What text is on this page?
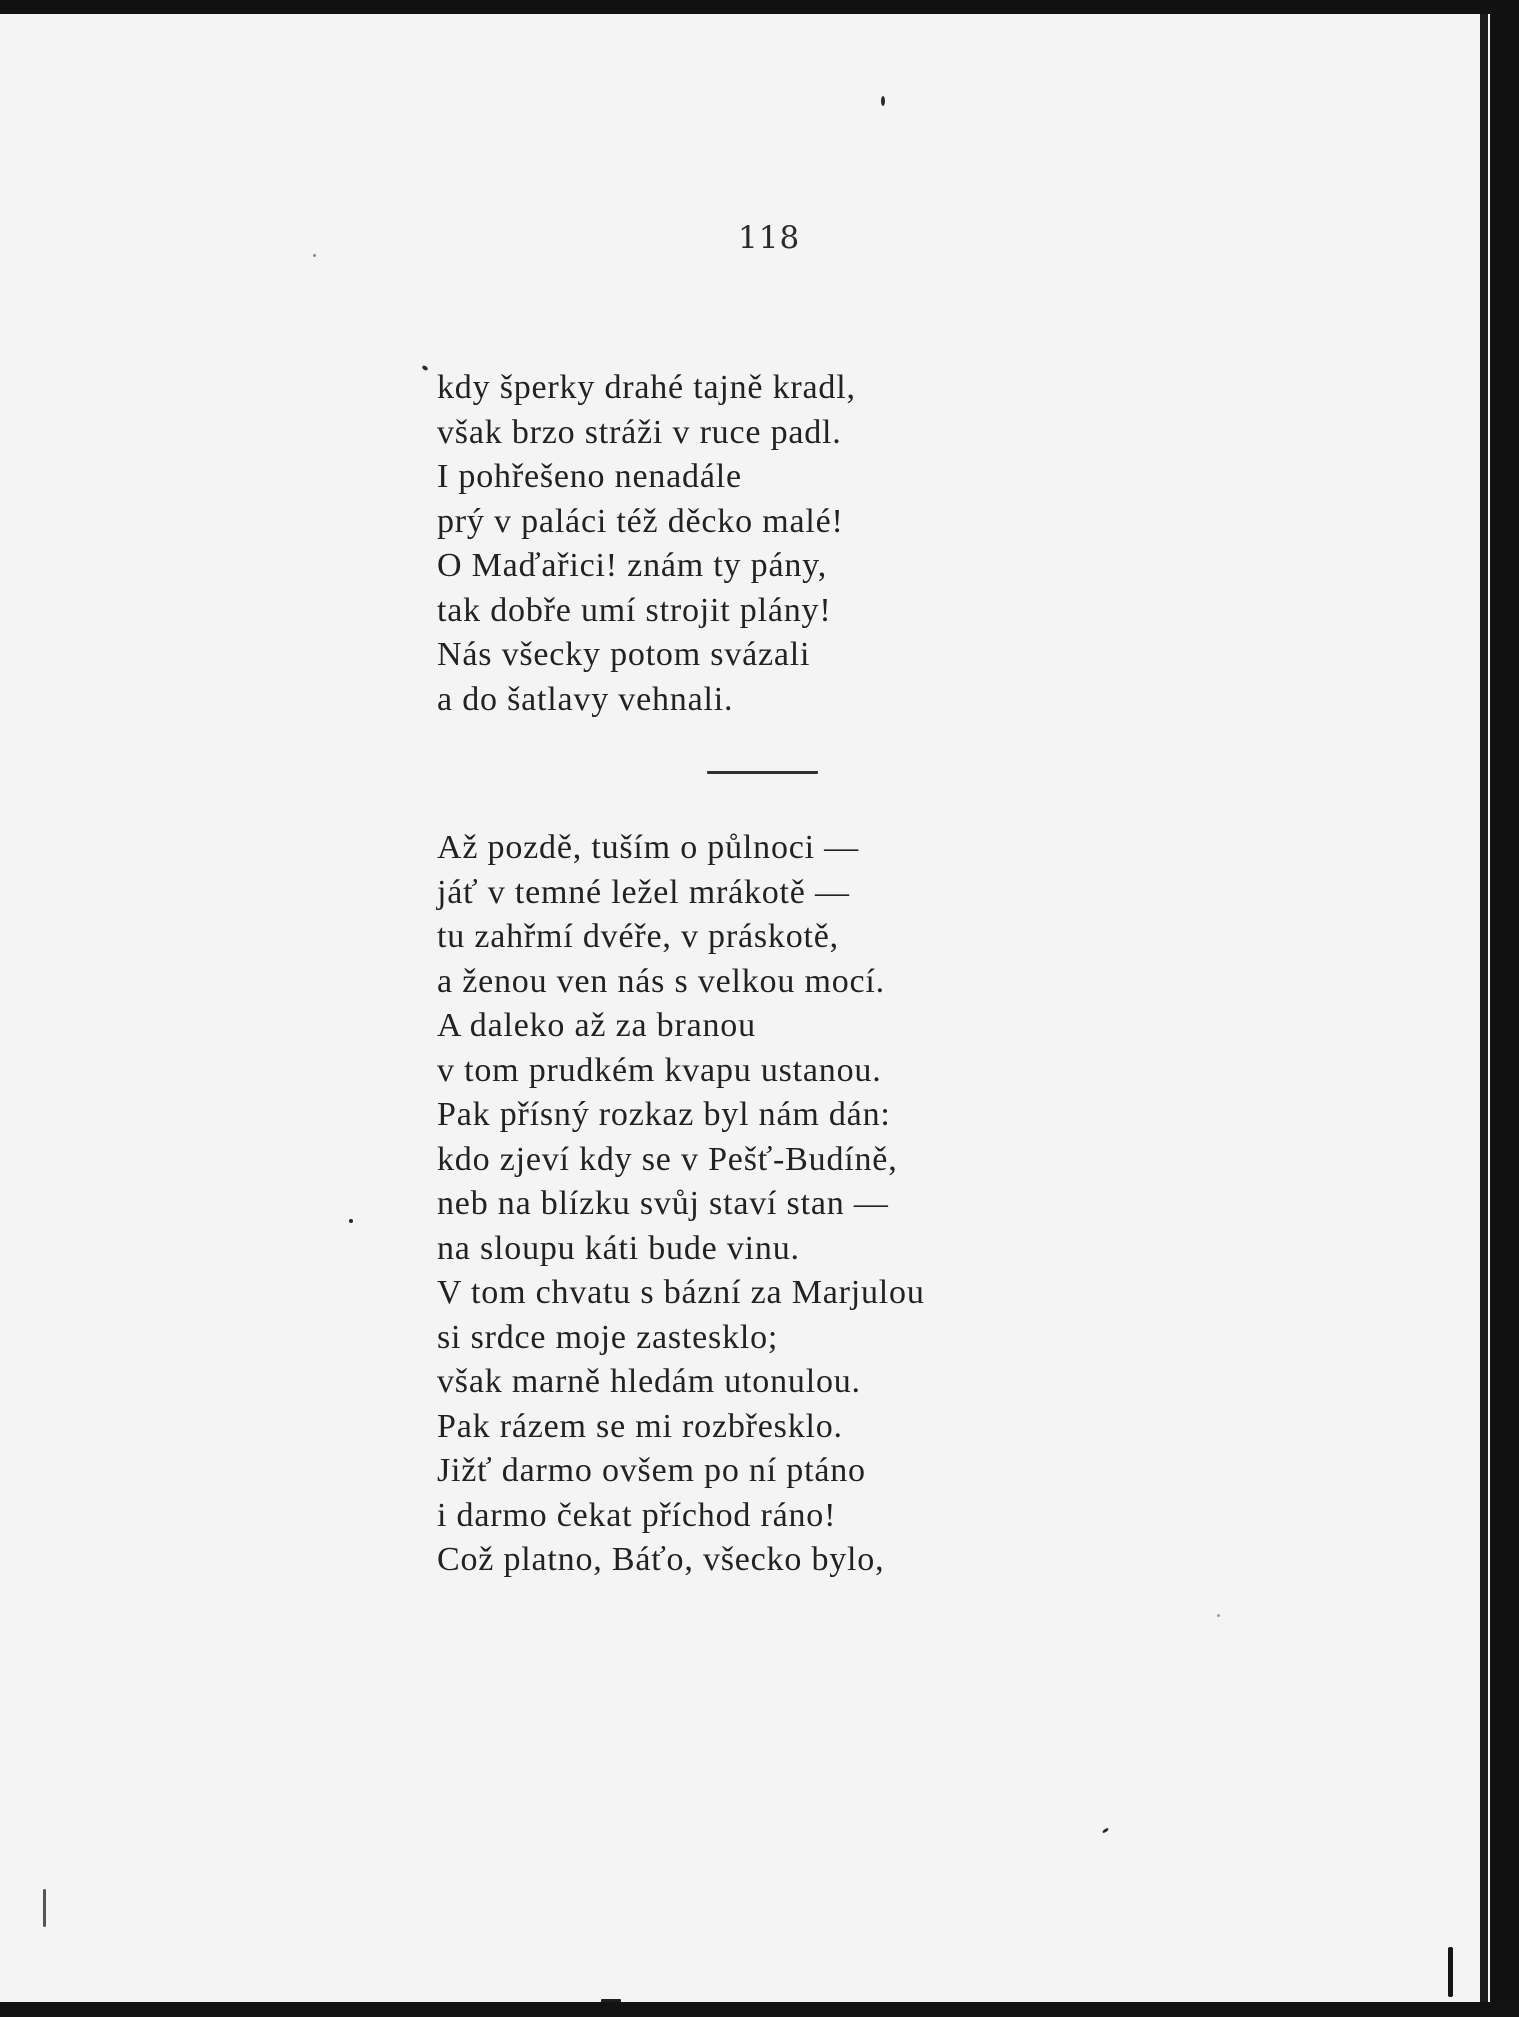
118

kdy šperky drahé tajně kradl,
však brzo stráži v ruce padl.
I pohřešeno nenadále
prý v paláci též děcko malé!
O Maďařici! znám ty pány,
tak dobře umí strojit plány!
Nás všecky potom svázali
a do šatlavy vehnali.
Až pozdě, tuším o půlnoci —
jáť v temné ležel mrákotě —
tu zahřmí dvéře, v práskotě,
a ženou ven nás s velkou mocí.
A daleko až za branou
v tom prudkém kvapu ustanou.
Pak přísný rozkaz byl nám dán:
kdo zjeví kdy se v Pešť-Budíně,
neb na blízku svůj staví stan —
na sloupu káti bude vinu.
V tom chvatu s bázní za Marjulou
si srdce moje zastesklo;
však marně hledám utonulou.
Pak rázem se mi rozbřesklo.
Jižť darmo ovšem po ní ptáno
i darmo čekat příchod ráno!
Což platno, Báťo, všecko bylo,
